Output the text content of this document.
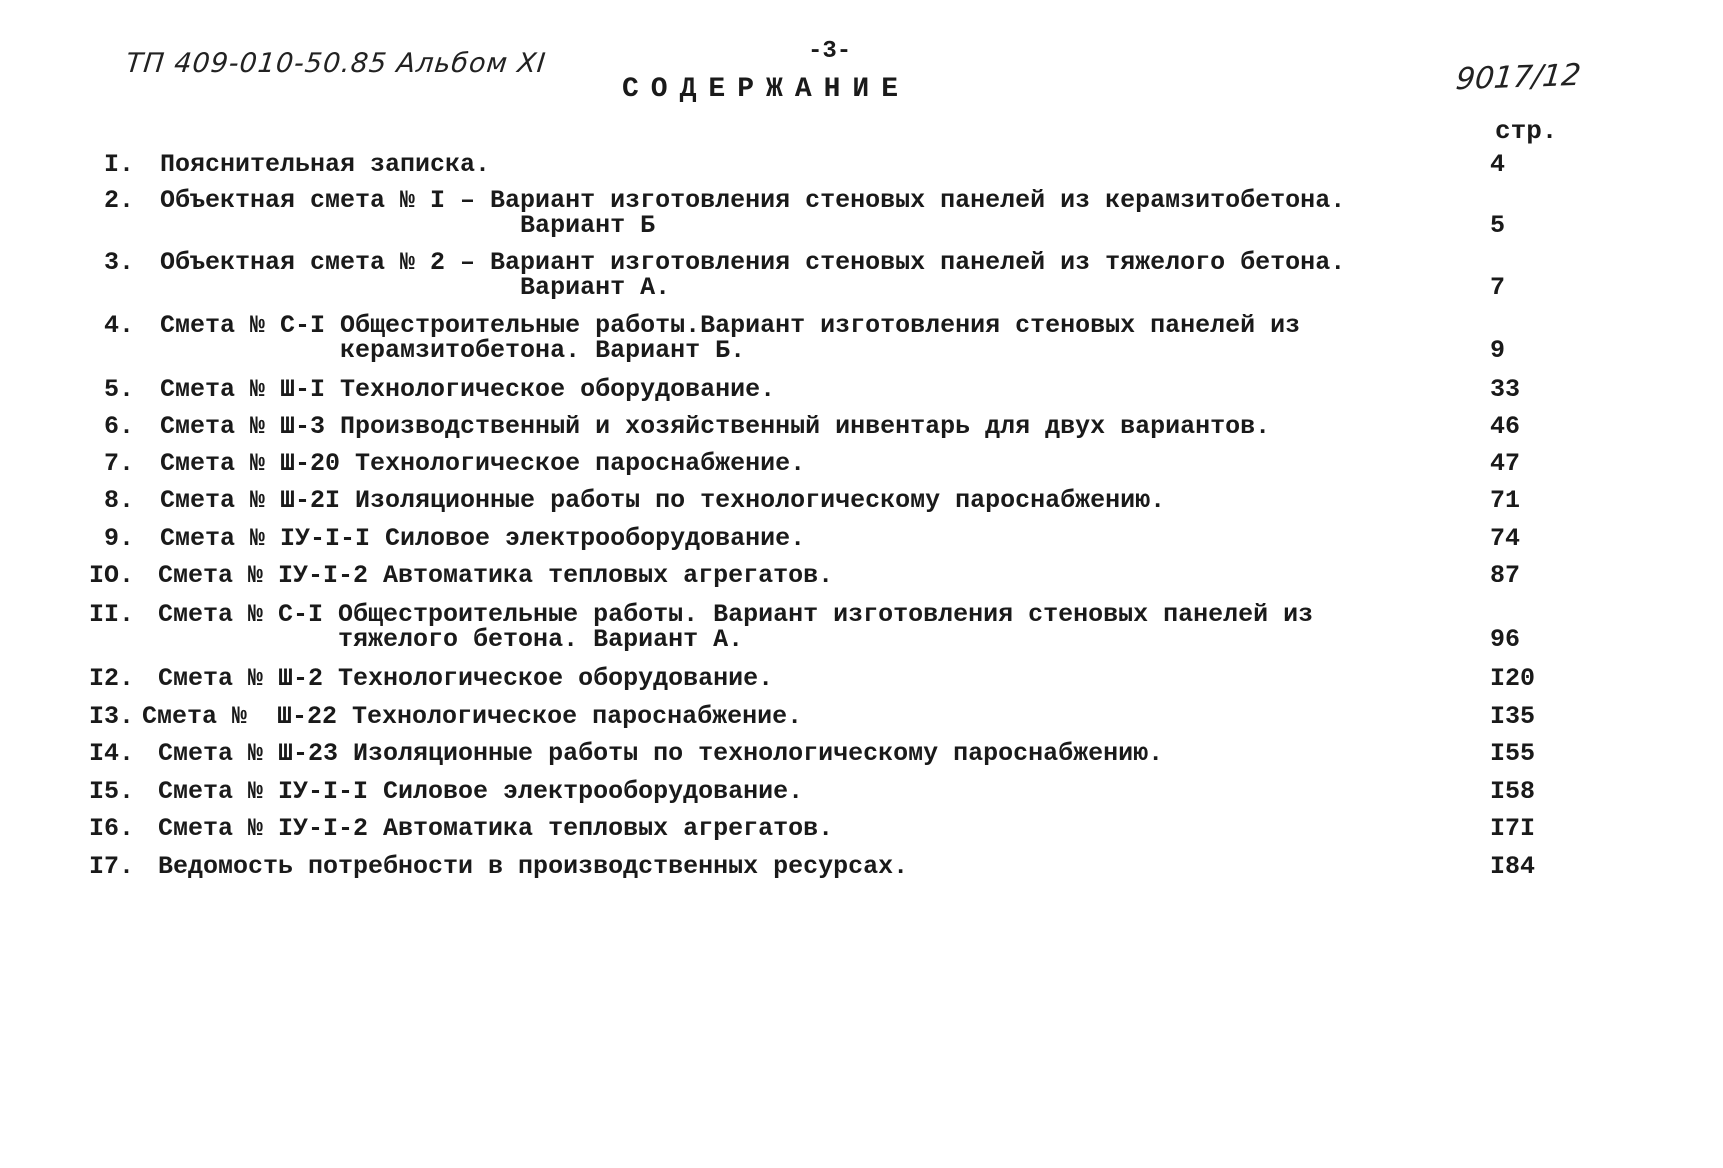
ТП 409-010-50.85 Альбом XI	-3-
СОДЕРЖАНИЕ	9017/12
стр.
I. Пояснительная записка.	4
2. Объектная смета № I – Вариант изготовления стеновых панелей из керамзитобетона.
Вариант Б	5
3. Объектная смета № 2 – Вариант изготовления стеновых панелей из тяжелого бетона.
Вариант А.	7
4. Смета № С-I Общестроительные работы.Вариант изготовления стеновых панелей из
керамзитобетона. Вариант Б.	9
5. Смета № Ш-I Технологическое оборудование.	33
6. Смета № Ш-3 Производственный и хозяйственный инвентарь для двух вариантов.	46
7. Смета № Ш-20 Технологическое пароснабжение.	47
8. Смета № Ш-2I Изоляционные работы по технологическому пароснабжению.	71
9. Смета № IУ-I-I Силовое электрооборудование.	74
IO. Смета № IУ-I-2 Автоматика тепловых агрегатов.	87
II. Смета № С-I Общестроительные работы. Вариант изготовления стеновых панелей из
тяжелого бетона. Вариант А.	96
I2. Смета № Ш-2 Технологическое оборудование.	I20
I3. Смета №  Ш-22 Технологическое пароснабжение.	I35
I4. Смета № Ш-23 Изоляционные работы по технологическому пароснабжению.	I55
I5. Смета № IУ-I-I Силовое электрооборудование.	I58
I6. Смета № IУ-I-2 Автоматика тепловых агрегатов.	I7I
I7. Ведомость потребности в производственных ресурсах.	I84
